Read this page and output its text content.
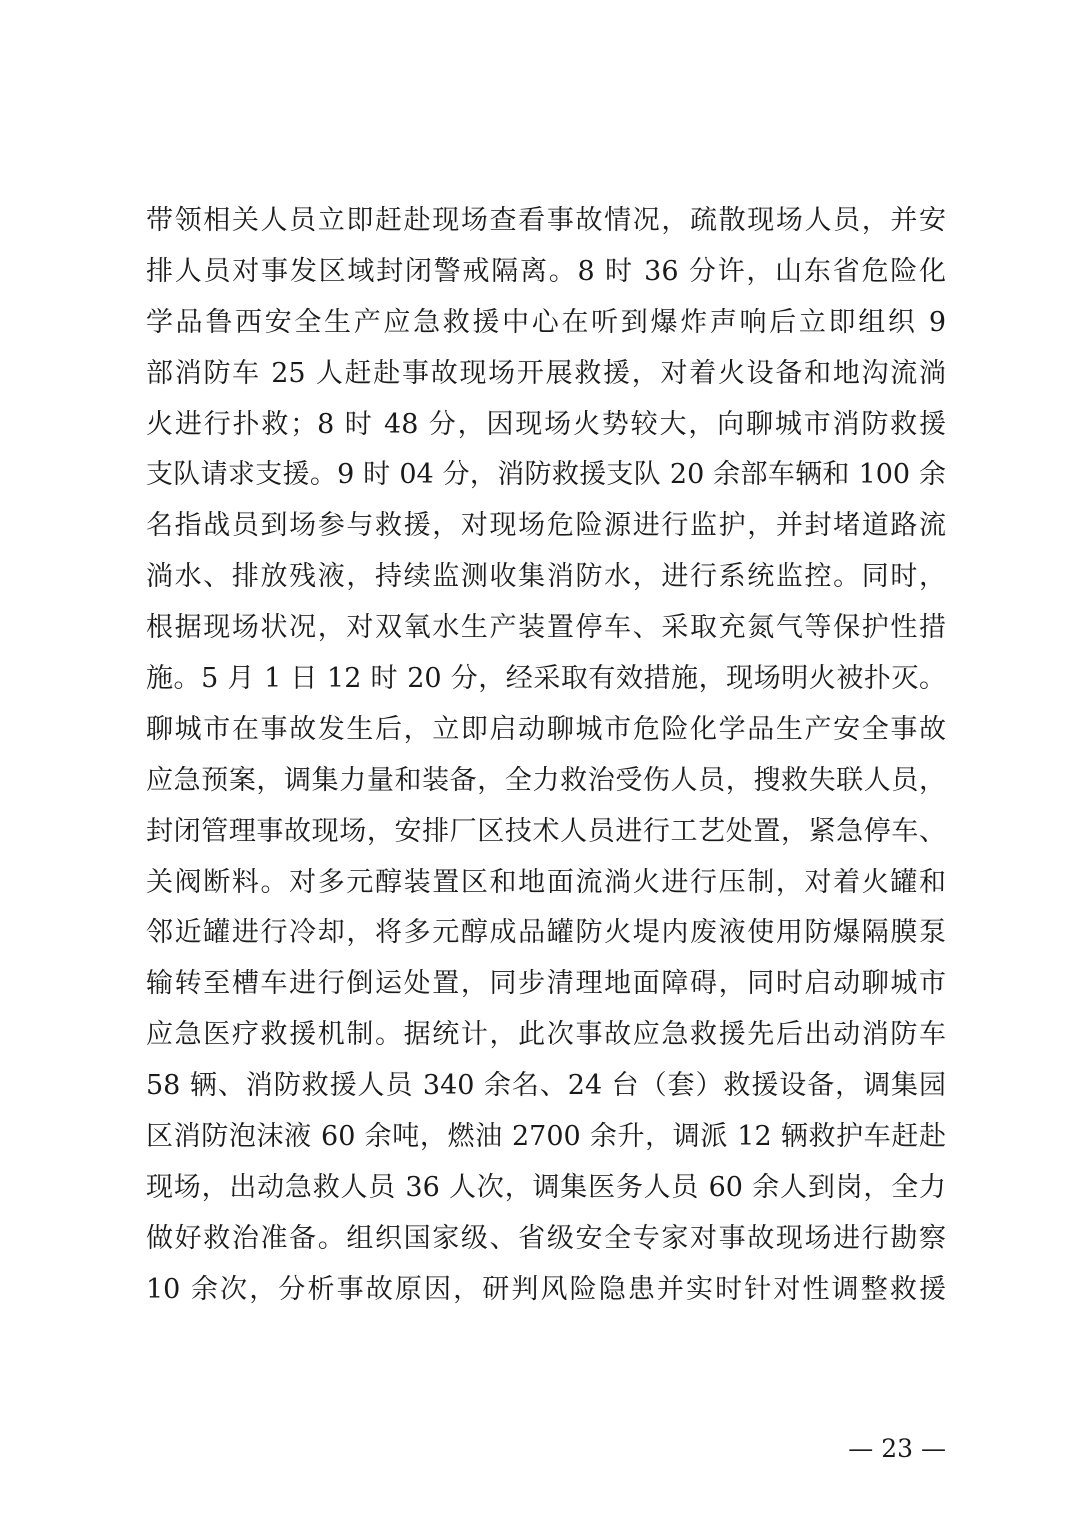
带领相关人员立即赶赴现场查看事故情况，疏散现场人员，并安
排人员对事发区域封闭警戒隔离。8 时 36 分许，山东省危险化
学品鲁西安全生产应急救援中心在听到爆炸声响后立即组织 9
部消防车 25 人赶赴事故现场开展救援，对着火设备和地沟流淌
火进行扑救；8 时 48 分，因现场火势较大，向聊城市消防救援
支队请求支援。9 时 04 分，消防救援支队 20 余部车辆和 100 余
名指战员到场参与救援，对现场危险源进行监护，并封堵道路流
淌水、排放残液，持续监测收集消防水，进行系统监控。同时，
根据现场状况，对双氧水生产装置停车、采取充氮气等保护性措
施。5 月 1 日 12 时 20 分，经采取有效措施，现场明火被扑灭。
聊城市在事故发生后，立即启动聊城市危险化学品生产安全事故
应急预案，调集力量和装备，全力救治受伤人员，搜救失联人员，
封闭管理事故现场，安排厂区技术人员进行工艺处置，紧急停车、
关阀断料。对多元醇装置区和地面流淌火进行压制，对着火罐和
邻近罐进行冷却，将多元醇成品罐防火堤内废液使用防爆隔膜泵
输转至槽车进行倒运处置，同步清理地面障碍，同时启动聊城市
应急医疗救援机制。据统计，此次事故应急救援先后出动消防车
58 辆、消防救援人员 340 余名、24 台（套）救援设备，调集园
区消防泡沫液 60 余吨，燃油 2700 余升，调派 12 辆救护车赶赴
现场，出动急救人员 36 人次，调集医务人员 60 余人到岗，全力
做好救治准备。组织国家级、省级安全专家对事故现场进行勘察
10 余次，分析事故原因，研判风险隐患并实时针对性调整救援
— 23 —
